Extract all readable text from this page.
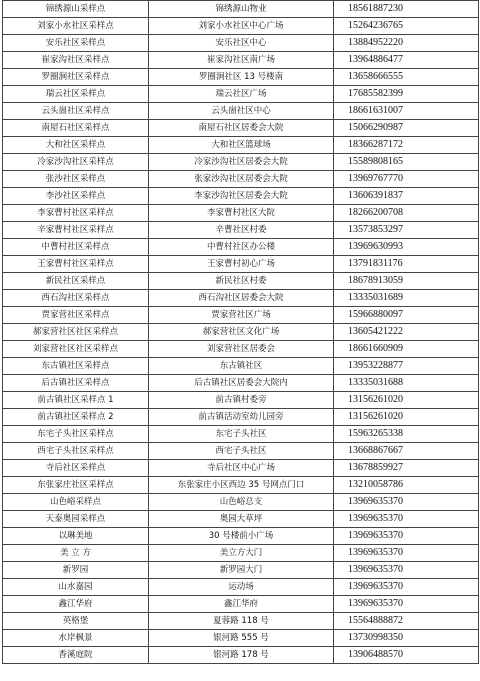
锦绣源山采样点	锦绣源山物业	18561887230
刘家小水社区采样点	刘家小水社区中心广场	15264236765
安乐社区采样点	安乐社区中心	13884952220
崔家沟社区采样点	崔家沟社区南广场	13964886477
罗圈涧社区采样点	罗圈涧社区 13 号楼南	13658666555
瑞云社区采样点	瑞云社区广场	17685582399
云头崮社区采样点	云头崮社区中心	18661631007
南屋石社区采样点	南屋石社区居委会大院	15066290987
大和社区采样点	大和社区篮球场	18366287172
冷家沙沟社区采样点	冷家沙沟社区居委会大院	15589808165
张沙社区采样点	张家沙沟社区居委会大院	13969767770
李沙社区采样点	李家沙沟社区居委会大院	13606391837
李家曹村社区采样点	李家曹村社区大院	18266200708
辛家曹村社区采样点	辛曹社区村委	13573853297
中曹村社区采样点	中曹村社区办公楼	13969630993
王家曹村社区采样点	王家曹村初心广场	13791831176
新民社区采样点	新民社区村委	18678913059
西石沟社区采样点	西石沟社区居委会大院	13335031689
贾家营社区采样点	贾家营社区广场	15966880097
郝家营社区社区采样点	郝家营社区文化广场	13605421222
刘家营社区社区采样点	刘家营社区居委会	18661660909
东古镇社区采样点	东古镇社区	13953228877
后古镇社区采样点	后古镇社区居委会大院内	13335031688
前古镇社区采样点 1	前古镇村委旁	13156261020
前古镇社区采样点 2	前古镇活动室幼儿园旁	13156261020
东宅子头社区采样点	东宅子头社区	15963265338
西宅子头社区采样点	西宅子头社区	13668867667
寺后社区采样点	寺后社区中心广场	13678859927
东张家庄社区采样点	东张家庄小区西边 35 号网点门口	13210058786
山色峪采样点	山色峪总支	13969635370
天泰奥园采样点	奥园大草坪	13969635370
以琳美地	30 号楼前小广场	13969635370
美 立 方	美立方大门	13969635370
新罗园	新罗园大门	13969635370
山水嘉园	运动场	13969635370
鑫江华府	鑫江华府	13969635370
英格堡	夏蓉路 118 号	15564888872
水岸枫景	银河路 555 号	13730998350
香溪庭院	银河路 178 号	13906488570
